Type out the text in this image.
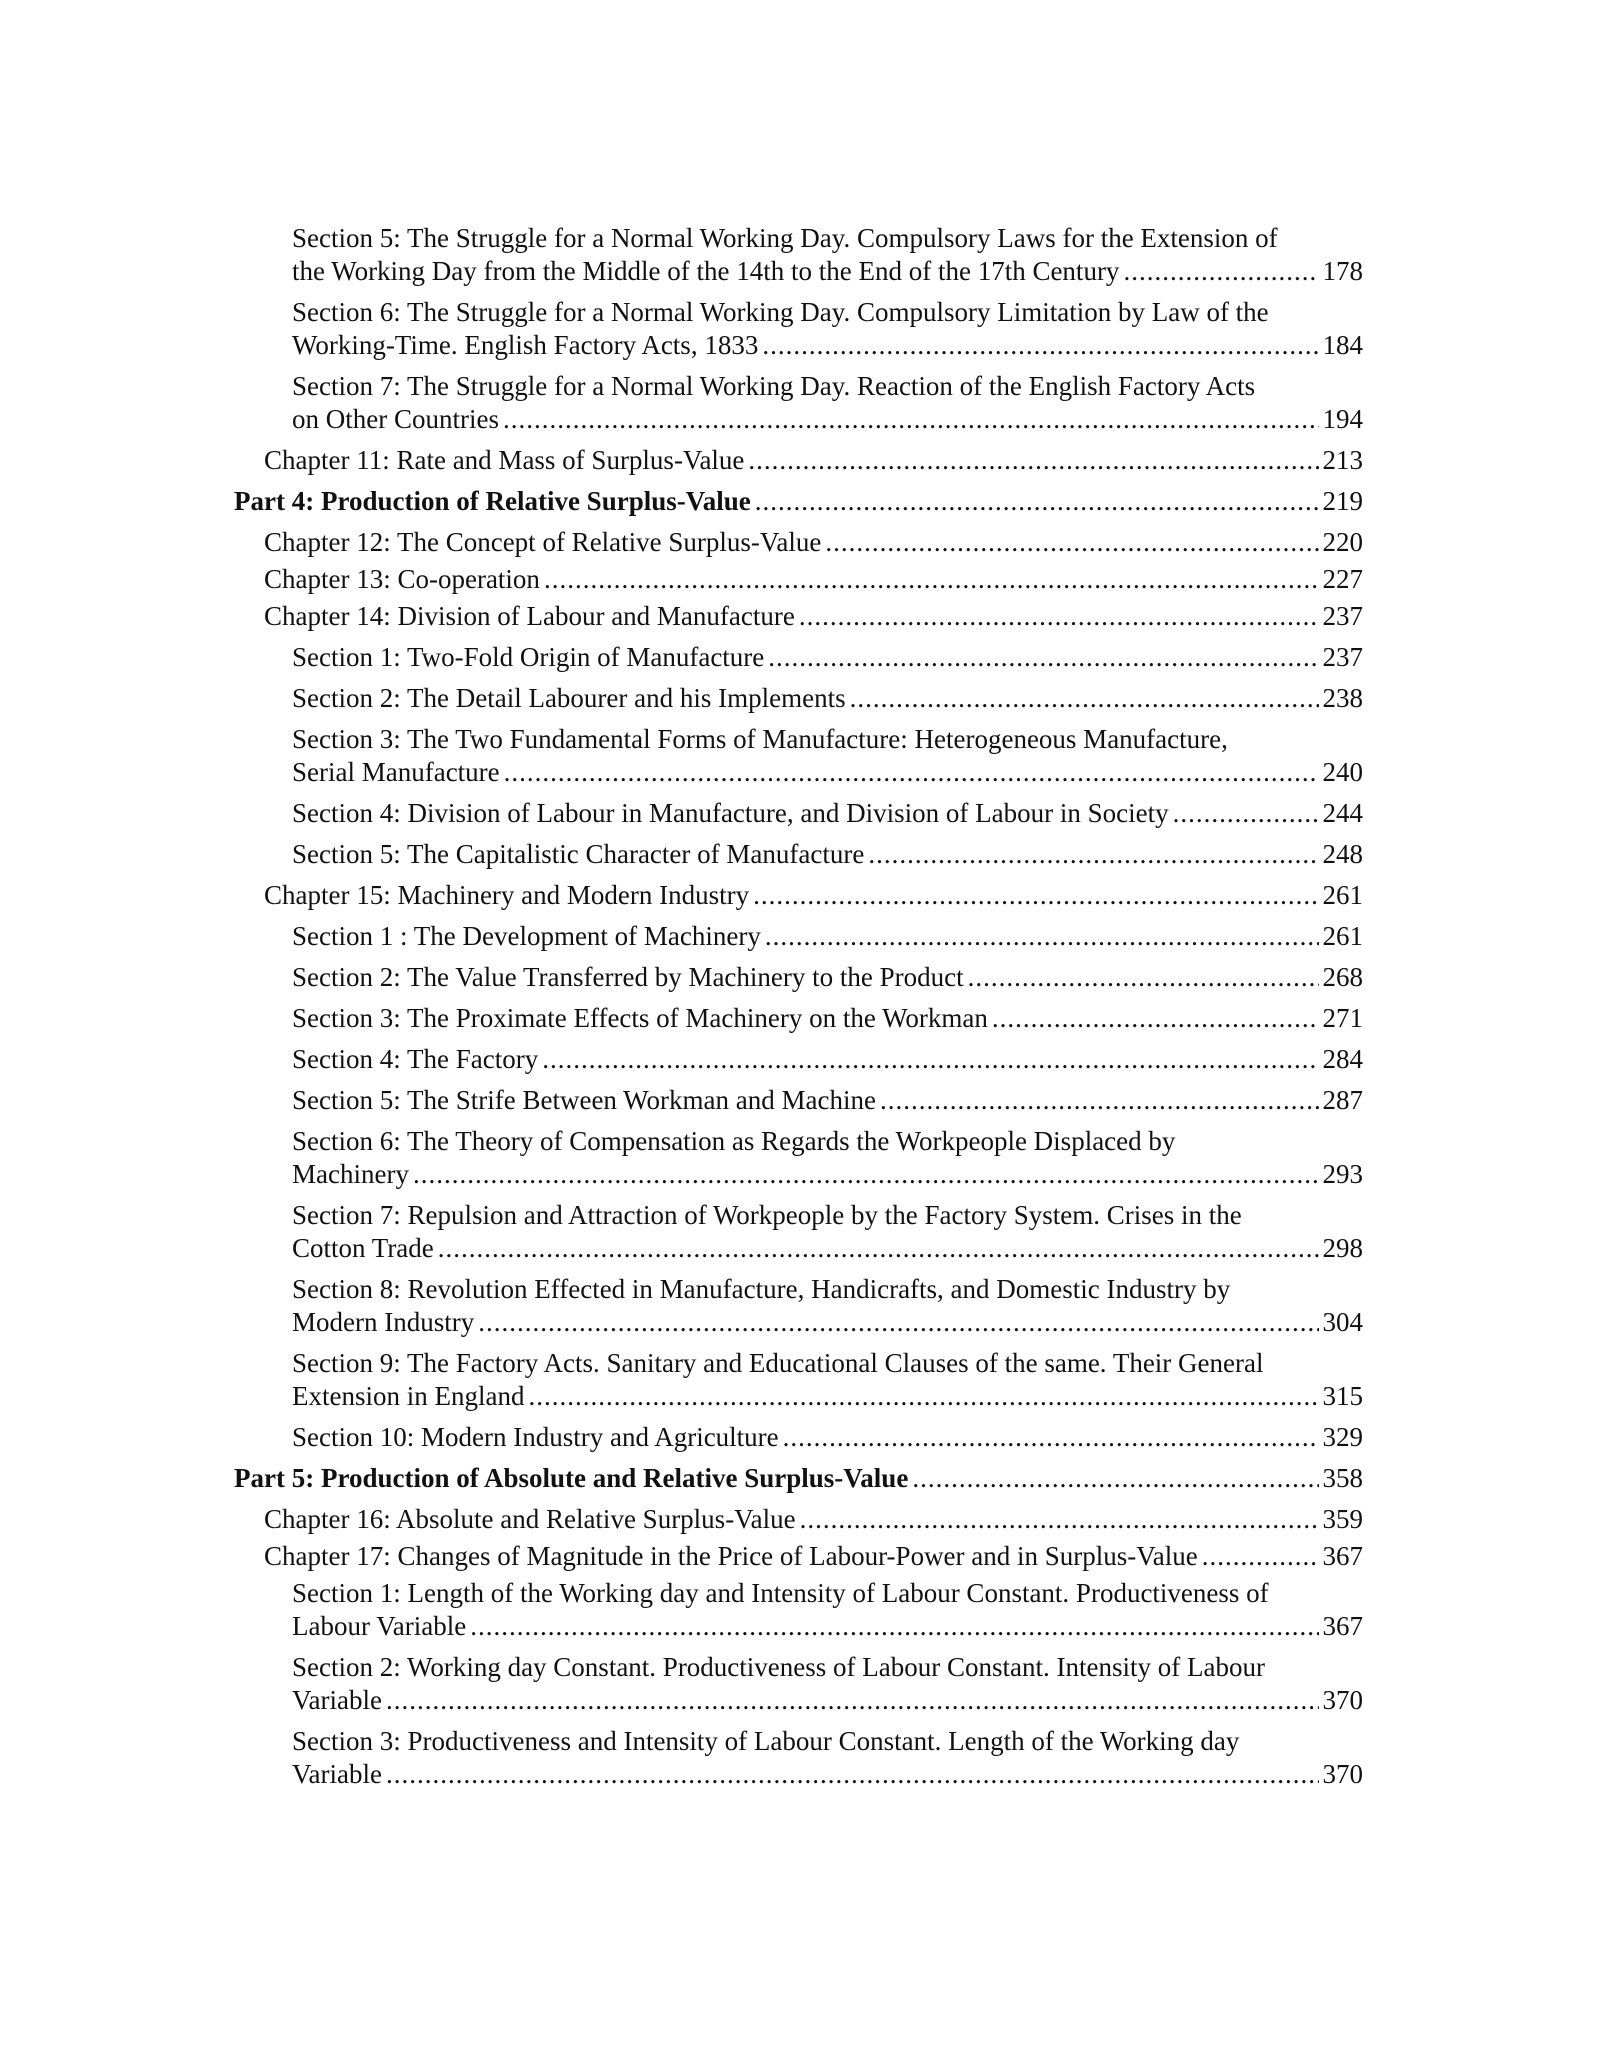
Section 5: The Struggle for a Normal Working Day. Compulsory Laws for the Extension of
the Working Day from the Middle of the 14th to the End of the 17th Century .....	178
Section 6: The Struggle for a Normal Working Day. Compulsory Limitation by Law of the
Working-Time. English Factory Acts, 1833 .....	184
Section 7: The Struggle for a Normal Working Day. Reaction of the English Factory Acts
on Other Countries .....	194
Chapter 11: Rate and Mass of Surplus-Value .....	213
Part 4: Production of Relative Surplus-Value .....	219
Chapter 12: The Concept of Relative Surplus-Value .....	220
Chapter 13: Co-operation .....	227
Chapter 14: Division of Labour and Manufacture .....	237
Section 1: Two-Fold Origin of Manufacture .....	237
Section 2: The Detail Labourer and his Implements .....	238
Section 3: The Two Fundamental Forms of Manufacture: Heterogeneous Manufacture,
Serial Manufacture .....	240
Section 4: Division of Labour in Manufacture, and Division of Labour in Society .....	244
Section 5: The Capitalistic Character of Manufacture .....	248
Chapter 15: Machinery and Modern Industry .....	261
Section 1 : The Development of Machinery .....	261
Section 2: The Value Transferred by Machinery to the Product .....	268
Section 3: The Proximate Effects of Machinery on the Workman .....	271
Section 4: The Factory .....	284
Section 5: The Strife Between Workman and Machine .....	287
Section 6: The Theory of Compensation as Regards the Workpeople Displaced by
Machinery .....	293
Section 7: Repulsion and Attraction of Workpeople by the Factory System. Crises in the
Cotton Trade .....	298
Section 8: Revolution Effected in Manufacture, Handicrafts, and Domestic Industry by
Modern Industry .....	304
Section 9: The Factory Acts. Sanitary and Educational Clauses of the same. Their General
Extension in England .....	315
Section 10: Modern Industry and Agriculture .....	329
Part 5: Production of Absolute and Relative Surplus-Value .....	358
Chapter 16: Absolute and Relative Surplus-Value .....	359
Chapter 17: Changes of Magnitude in the Price of Labour-Power and in Surplus-Value .....	367
Section 1: Length of the Working day and Intensity of Labour Constant. Productiveness of
Labour Variable .....	367
Section 2: Working day Constant. Productiveness of Labour Constant. Intensity of Labour
Variable .....	370
Section 3: Productiveness and Intensity of Labour Constant. Length of the Working day
Variable .....	370
